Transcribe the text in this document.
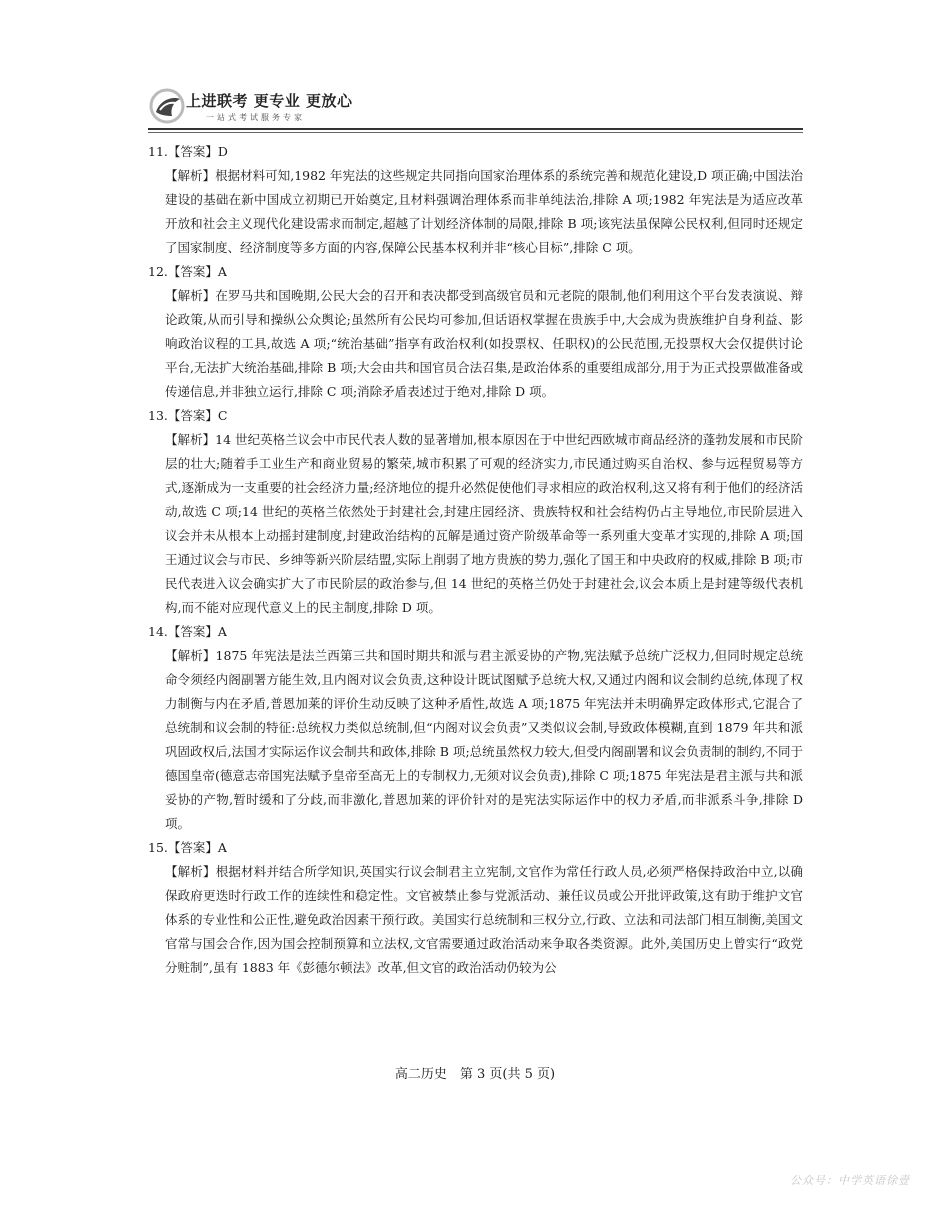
上进联考 更专业 更放心
一站式考试服务专家

11.【答案】D

【解析】根据材料可知,1982 年宪法的这些规定共同指向国家治理体系的系统完善和规范化建设,D 项正确;中国法治建设的基础在新中国成立初期已开始奠定,且材料强调治理体系而非单纯法治,排除 A 项;1982 年宪法是为适应改革开放和社会主义现代化建设需求而制定,超越了计划经济体制的局限,排除 B 项;该宪法虽保障公民权利,但同时还规定了国家制度、经济制度等多方面的内容,保障公民基本权利并非“核心目标”,排除 C 项。

12.【答案】A

【解析】在罗马共和国晚期,公民大会的召开和表决都受到高级官员和元老院的限制,他们利用这个平台发表演说、辩论政策,从而引导和操纵公众舆论;虽然所有公民均可参加,但话语权掌握在贵族手中,大会成为贵族维护自身利益、影响政治议程的工具,故选 A 项;“统治基础”指享有政治权利(如投票权、任职权)的公民范围,无投票权大会仅提供讨论平台,无法扩大统治基础,排除 B 项;大会由共和国官员合法召集,是政治体系的重要组成部分,用于为正式投票做准备或传递信息,并非独立运行,排除 C 项;消除矛盾表述过于绝对,排除 D 项。

13.【答案】C

【解析】14 世纪英格兰议会中市民代表人数的显著增加,根本原因在于中世纪西欧城市商品经济的蓬勃发展和市民阶层的壮大;随着手工业生产和商业贸易的繁荣,城市积累了可观的经济实力,市民通过购买自治权、参与远程贸易等方式,逐渐成为一支重要的社会经济力量;经济地位的提升必然促使他们寻求相应的政治权利,这又将有利于他们的经济活动,故选 C 项;14 世纪的英格兰依然处于封建社会,封建庄园经济、贵族特权和社会结构仍占主导地位,市民阶层进入议会并未从根本上动摇封建制度,封建政治结构的瓦解是通过资产阶级革命等一系列重大变革才实现的,排除 A 项;国王通过议会与市民、乡绅等新兴阶层结盟,实际上削弱了地方贵族的势力,强化了国王和中央政府的权威,排除 B 项;市民代表进入议会确实扩大了市民阶层的政治参与,但 14 世纪的英格兰仍处于封建社会,议会本质上是封建等级代表机构,而不能对应现代意义上的民主制度,排除 D 项。

14.【答案】A

【解析】1875 年宪法是法兰西第三共和国时期共和派与君主派妥协的产物,宪法赋予总统广泛权力,但同时规定总统命令须经内阁副署方能生效,且内阁对议会负责,这种设计既试图赋予总统大权,又通过内阁和议会制约总统,体现了权力制衡与内在矛盾,普恩加莱的评价生动反映了这种矛盾性,故选 A 项;1875 年宪法并未明确界定政体形式,它混合了总统制和议会制的特征:总统权力类似总统制,但“内阁对议会负责”又类似议会制,导致政体模糊,直到 1879 年共和派巩固政权后,法国才实际运作议会制共和政体,排除 B 项;总统虽然权力较大,但受内阁副署和议会负责制的制约,不同于德国皇帝(德意志帝国宪法赋予皇帝至高无上的专制权力,无须对议会负责),排除 C 项;1875 年宪法是君主派与共和派妥协的产物,暂时缓和了分歧,而非激化,普恩加莱的评价针对的是宪法实际运作中的权力矛盾,而非派系斗争,排除 D 项。

15.【答案】A

【解析】根据材料并结合所学知识,英国实行议会制君主立宪制,文官作为常任行政人员,必须严格保持政治中立,以确保政府更迭时行政工作的连续性和稳定性。文官被禁止参与党派活动、兼任议员或公开批评政策,这有助于维护文官体系的专业性和公正性,避免政治因素干预行政。美国实行总统制和三权分立,行政、立法和司法部门相互制衡,美国文官常与国会合作,因为国会控制预算和立法权,文官需要通过政治活动来争取各类资源。此外,美国历史上曾实行“政党分赃制”,虽有 1883 年《彭德尔顿法》改革,但文官的政治活动仍较为公

高二历史　第 3 页(共 5 页)
公众号：中学英语徐壹
